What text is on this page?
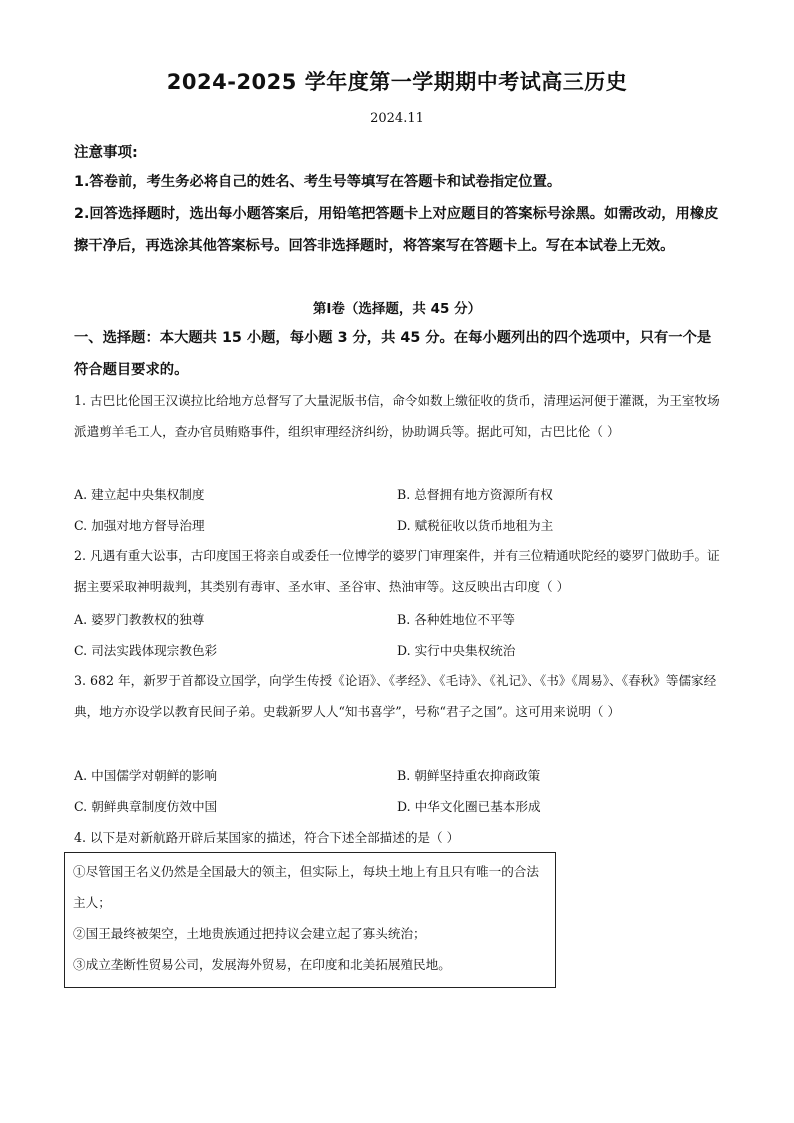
2024-2025 学年度第一学期期中考试高三历史
2024.11
注意事项:
1.答卷前，考生务必将自己的姓名、考生号等填写在答题卡和试卷指定位置。
2.回答选择题时，选出每小题答案后，用铅笔把答题卡上对应题目的答案标号涂黑。如需改动，用橡皮擦干净后，再选涂其他答案标号。回答非选择题时，将答案写在答题卡上。写在本试卷上无效。
第Ⅰ卷（选择题，共 45 分）
一、选择题：本大题共 15 小题，每小题 3 分，共 45 分。在每小题列出的四个选项中，只有一个是符合题目要求的。
1. 古巴比伦国王汉谟拉比给地方总督写了大量泥版书信，命令如数上缴征收的货币，清理运河便于灌溉，为王室牧场派遣剪羊毛工人，查办官员贿赂事件，组织审理经济纠纷，协助调兵等。据此可知，古巴比伦（ ）
A. 建立起中央集权制度	B. 总督拥有地方资源所有权
C. 加强对地方督导治理	D. 赋税征收以货币地租为主
2. 凡遇有重大讼事，古印度国王将亲自或委任一位博学的婆罗门审理案件，并有三位精通吠陀经的婆罗门做助手。证据主要采取神明裁判，其类别有毒审、圣水审、圣谷审、热油审等。这反映出古印度（ ）
A. 婆罗门教教权的独尊	B. 各种姓地位不平等
C. 司法实践体现宗教色彩	D. 实行中央集权统治
3. 682 年，新罗于首都设立国学，向学生传授《论语》、《孝经》、《毛诗》、《礼记》、《书》《周易》、《春秋》等儒家经典，地方亦设学以教育民间子弟。史载新罗人人“知书喜学”，号称“君子之国”。这可用来说明（ ）
A. 中国儒学对朝鲜的影响	B. 朝鲜坚持重农抑商政策
C. 朝鲜典章制度仿效中国	D. 中华文化圈已基本形成
4. 以下是对新航路开辟后某国家的描述，符合下述全部描述的是（ ）
①尽管国王名义仍然是全国最大的领主，但实际上，每块土地上有且只有唯一的合法主人；
②国王最终被架空，土地贵族通过把持议会建立起了寡头统治；
③成立垄断性贸易公司，发展海外贸易，在印度和北美拓展殖民地。
